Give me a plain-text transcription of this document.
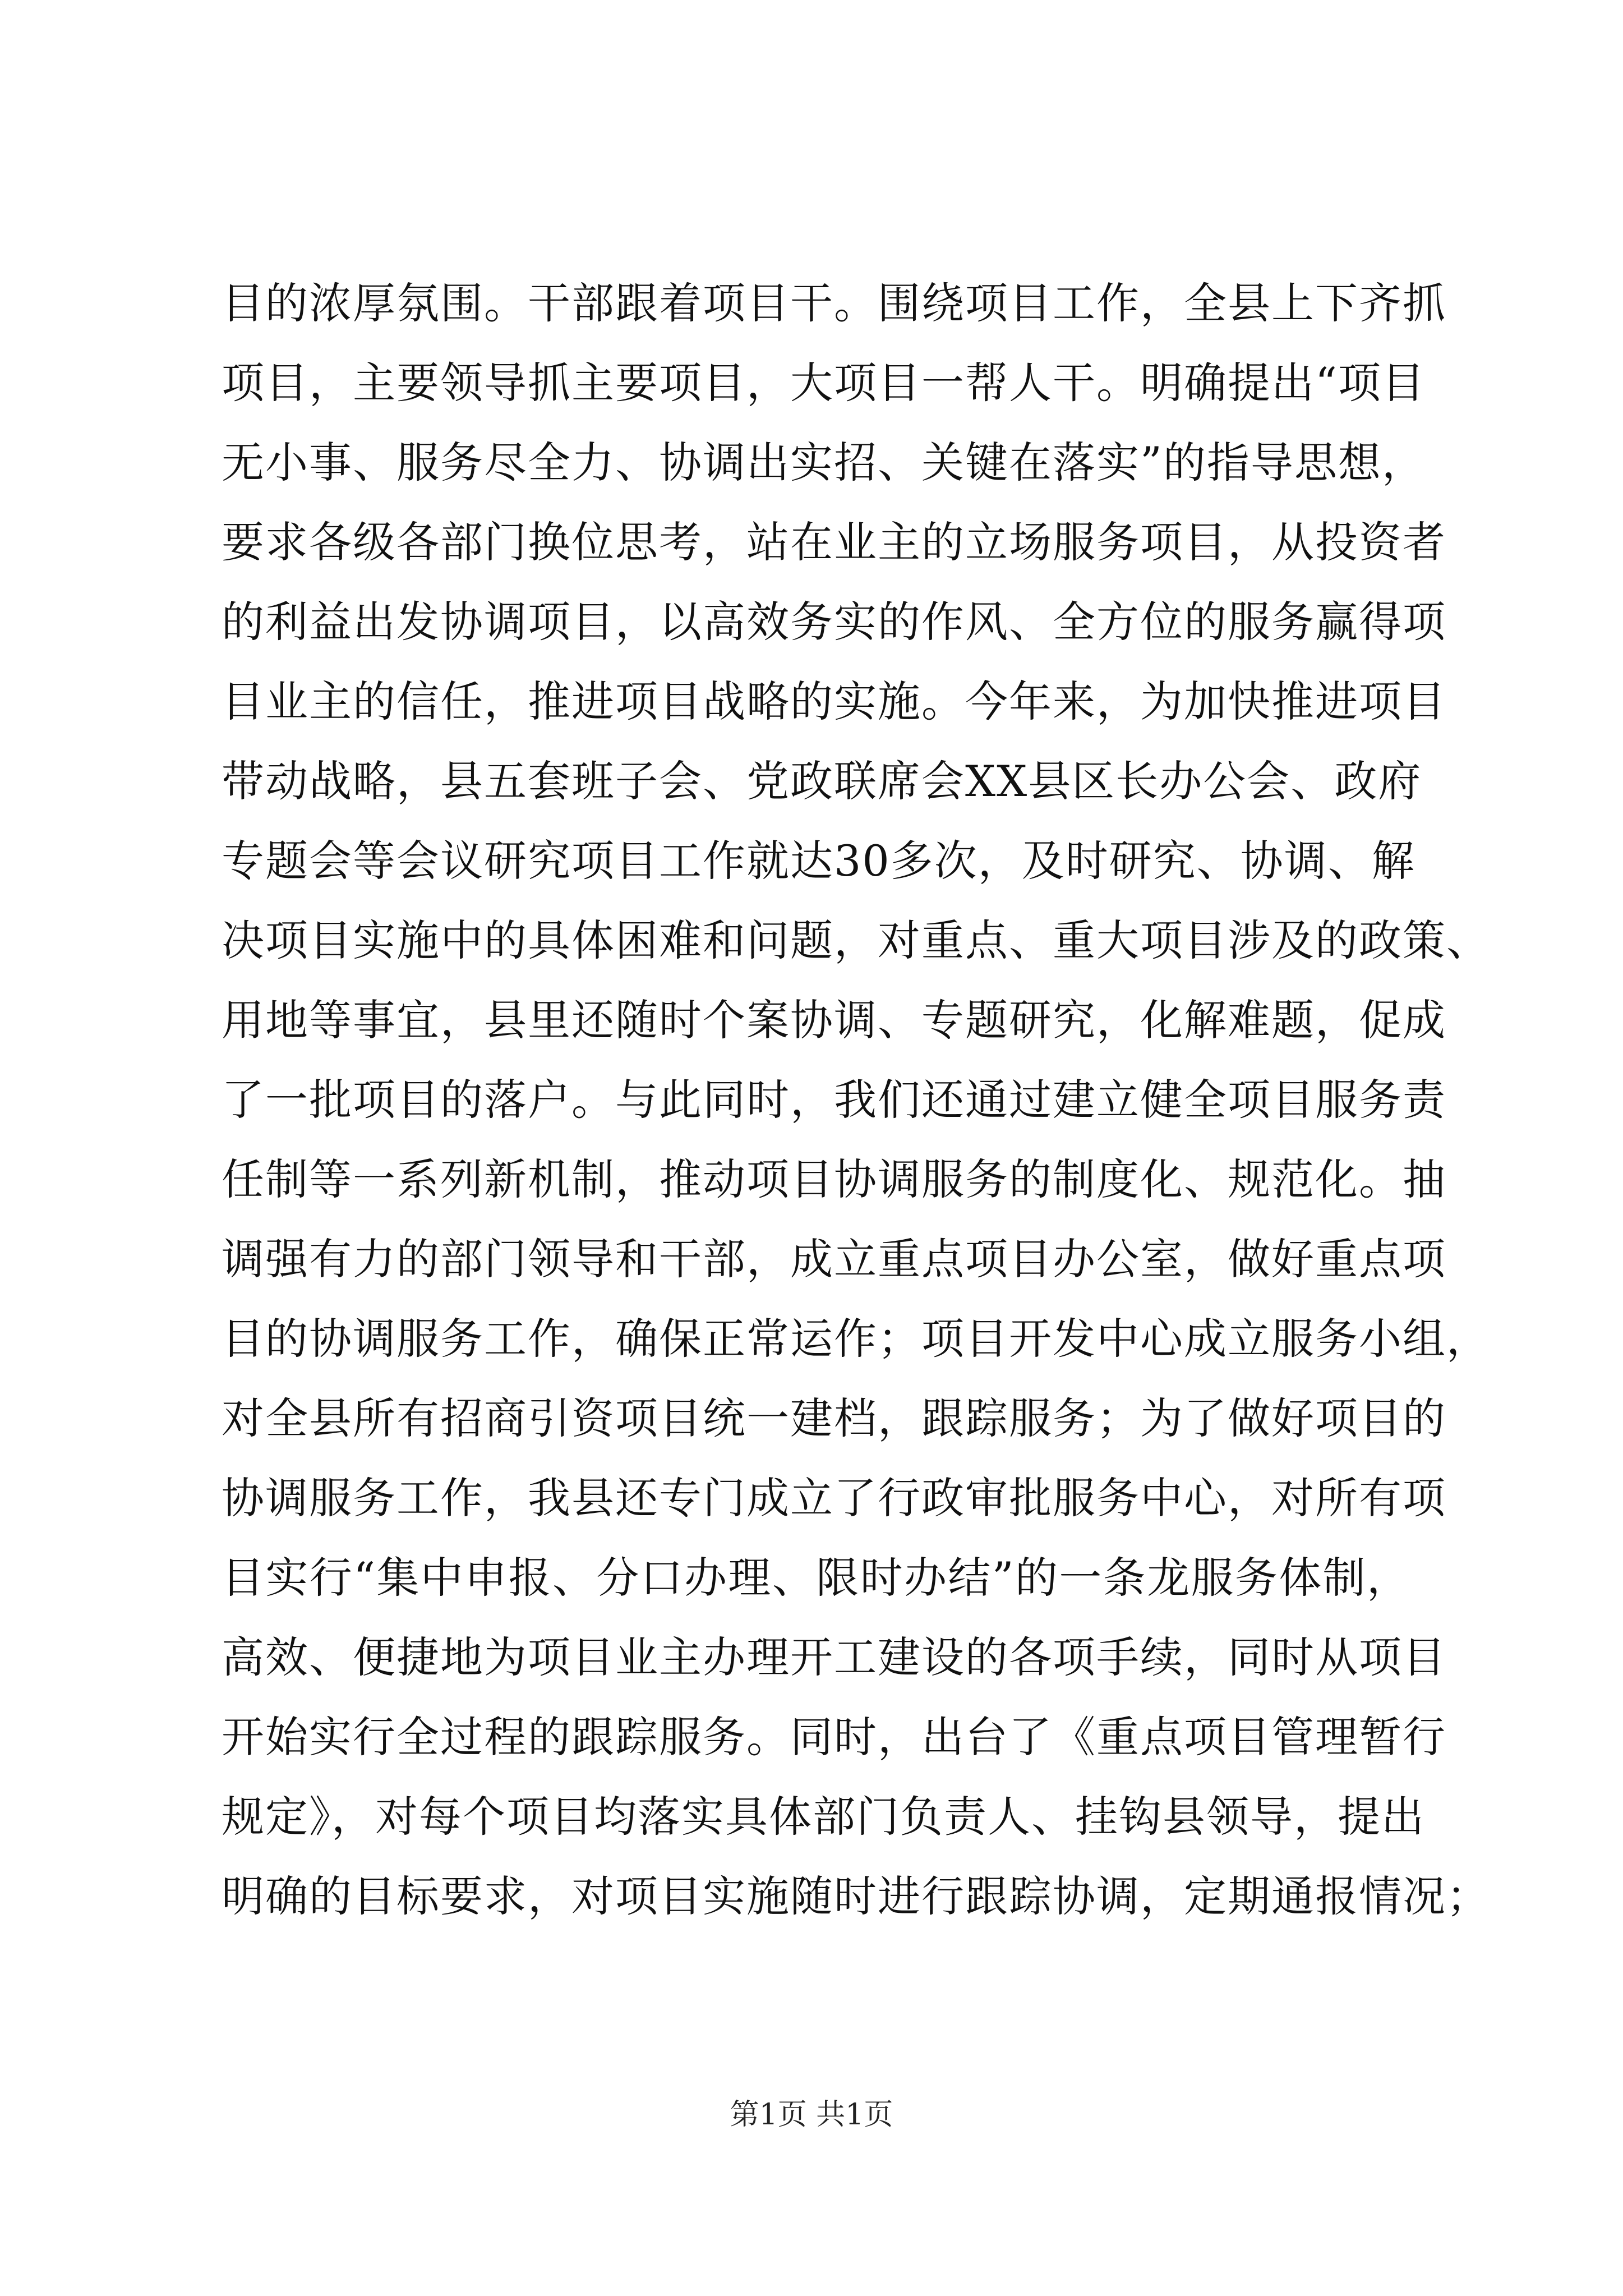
目的浓厚氛围。干部跟着项目干。围绕项目工作，全县上下齐抓
项目，主要领导抓主要项目，大项目一帮人干。明确提出“项目
无小事、服务尽全力、协调出实招、关键在落实”的指导思想，
要求各级各部门换位思考，站在业主的立场服务项目，从投资者
的利益出发协调项目，以高效务实的作风、全方位的服务赢得项
目业主的信任，推进项目战略的实施。今年来，为加快推进项目
带动战略，县五套班子会、党政联席会XX县区长办公会、政府
专题会等会议研究项目工作就达30多次，及时研究、协调、解
决项目实施中的具体困难和问题，对重点、重大项目涉及的政策、
用地等事宜，县里还随时个案协调、专题研究，化解难题，促成
了一批项目的落户。与此同时，我们还通过建立健全项目服务责
任制等一系列新机制，推动项目协调服务的制度化、规范化。抽
调强有力的部门领导和干部，成立重点项目办公室，做好重点项
目的协调服务工作，确保正常运作；项目开发中心成立服务小组，
对全县所有招商引资项目统一建档，跟踪服务；为了做好项目的
协调服务工作，我县还专门成立了行政审批服务中心，对所有项
目实行“集中申报、分口办理、限时办结”的一条龙服务体制，
高效、便捷地为项目业主办理开工建设的各项手续，同时从项目
开始实行全过程的跟踪服务。同时，出台了《重点项目管理暂行
规定》，对每个项目均落实具体部门负责人、挂钩县领导，提出
明确的目标要求，对项目实施随时进行跟踪协调，定期通报情况；
第1页 共1页
